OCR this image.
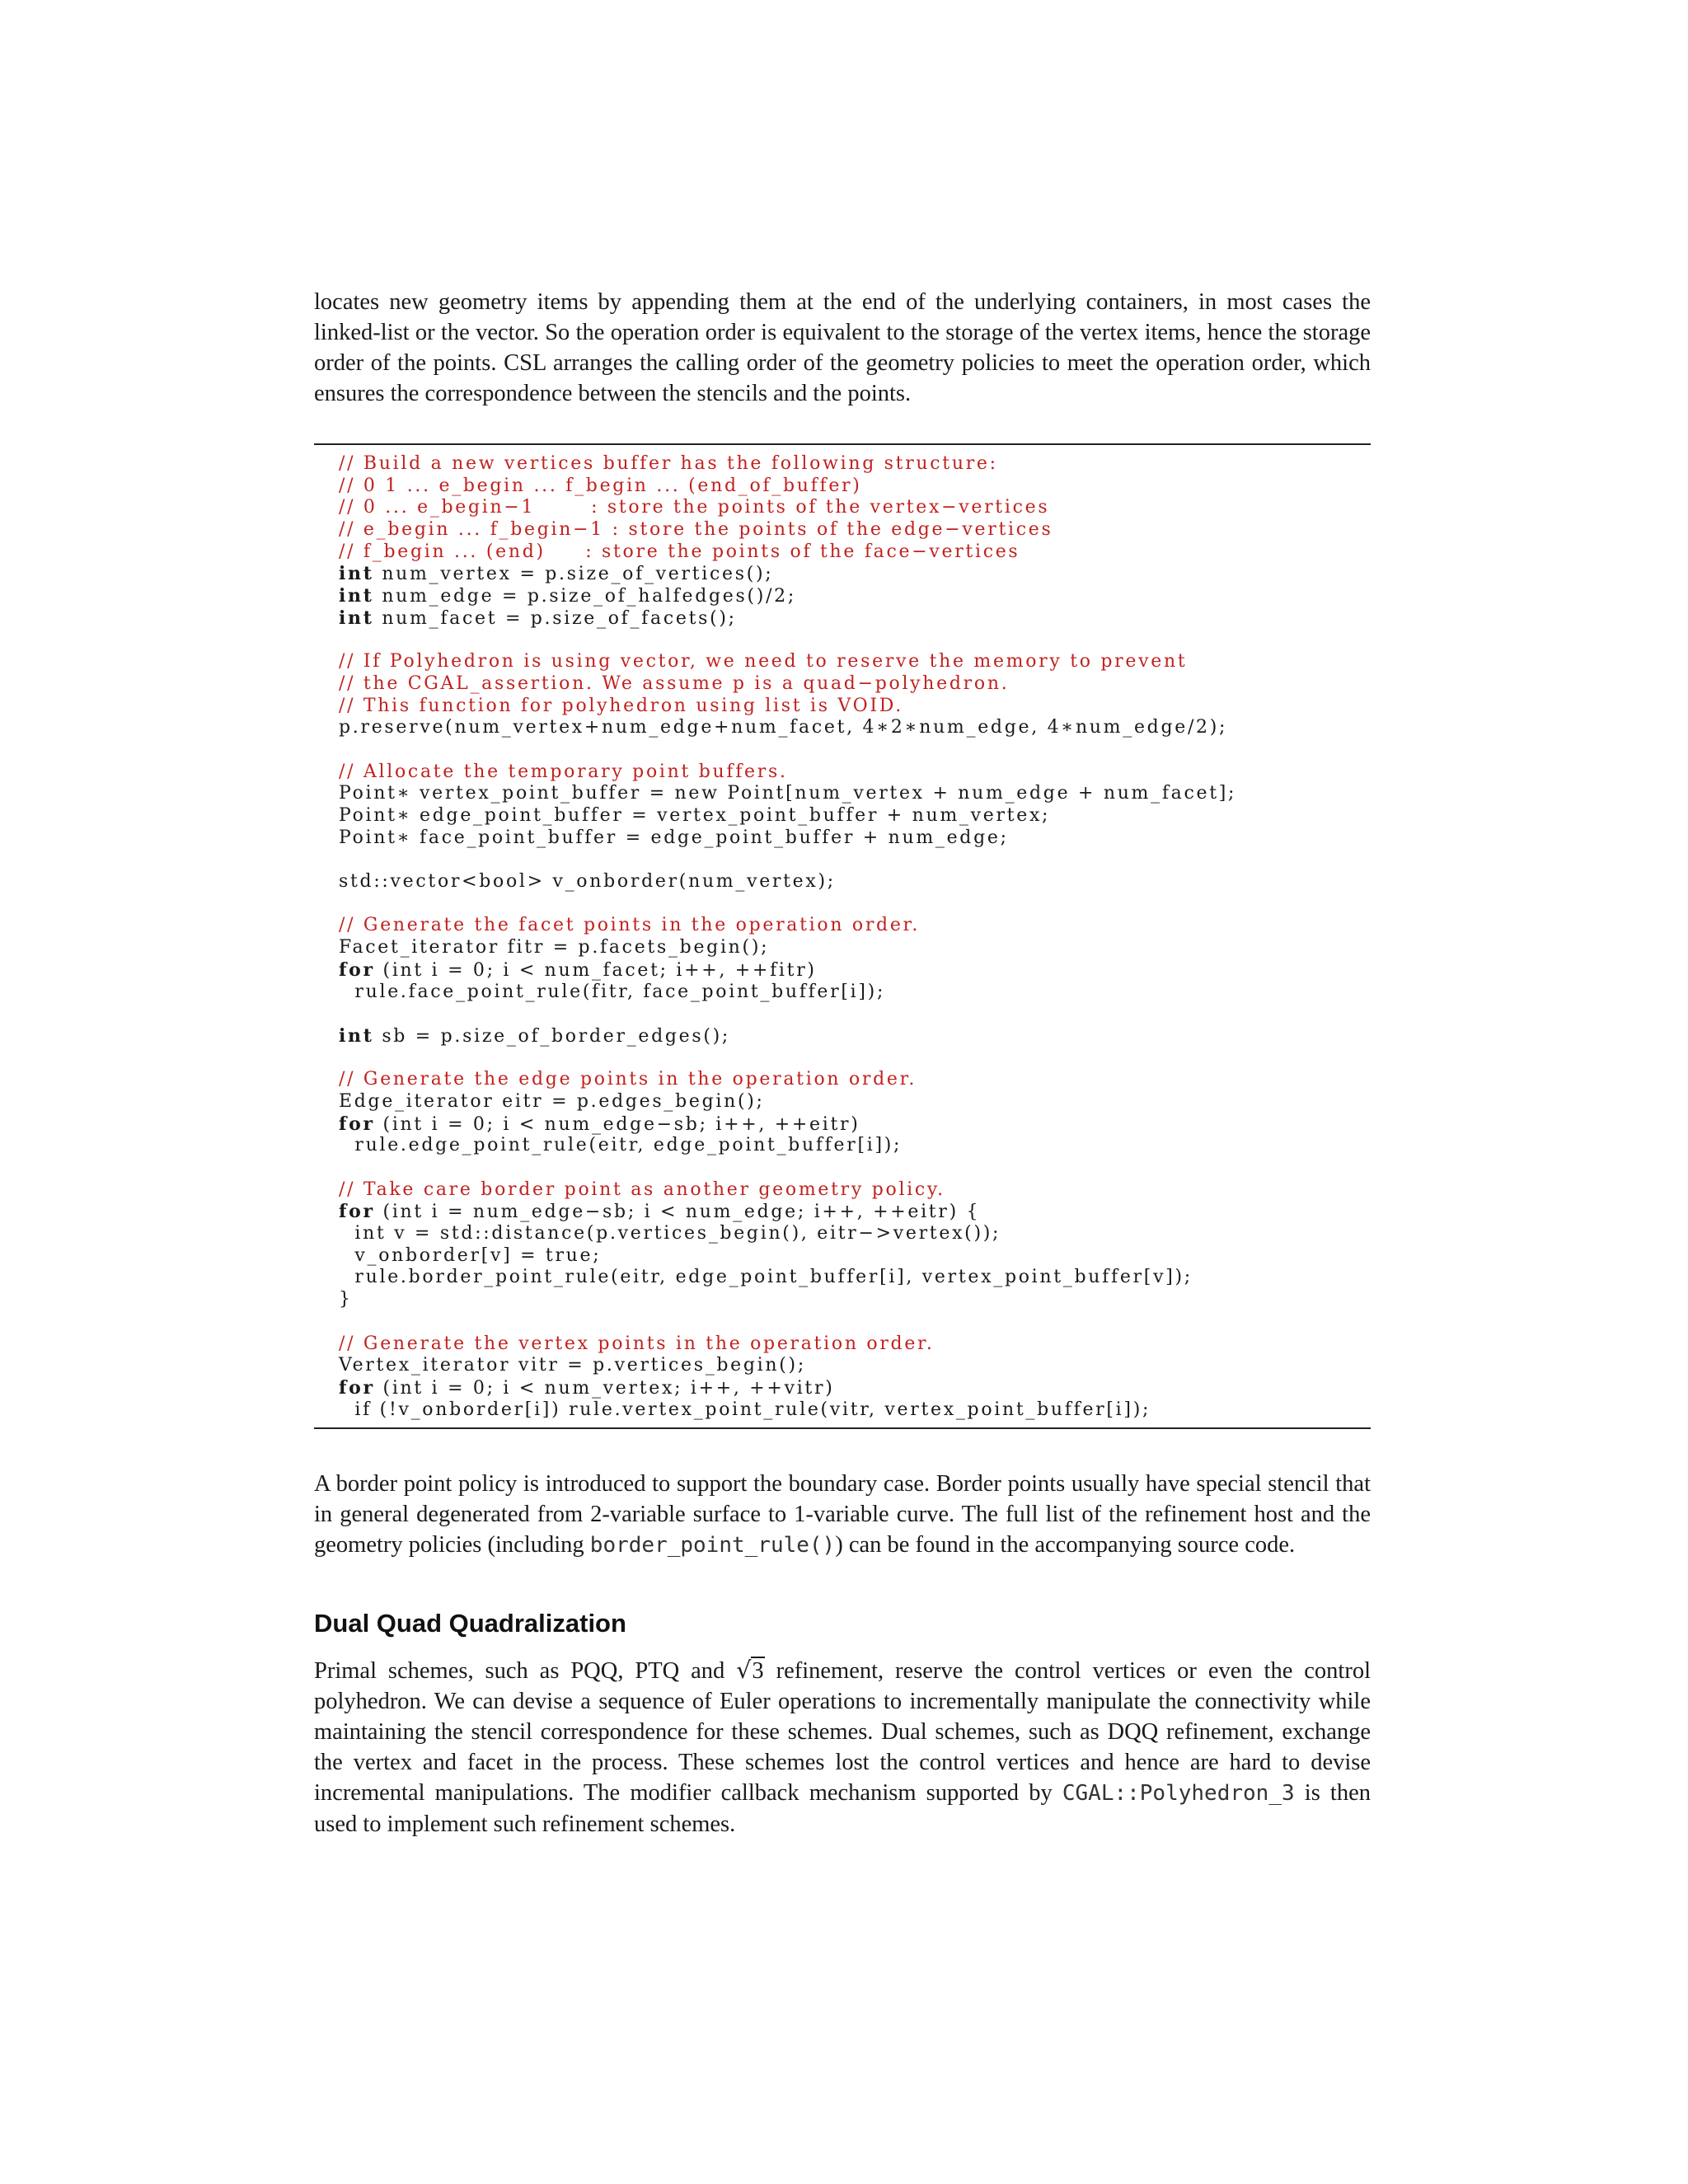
locates new geometry items by appending them at the end of the underlying containers, in most cases the linked-list or the vector. So the operation order is equivalent to the storage of the vertex items, hence the storage order of the points. CSL arranges the calling order of the geometry policies to meet the operation order, which ensures the correspondence between the stencils and the points.

// Build a new vertices buffer has the following structure:
// 0 1 ... e_begin ... f_begin ... (end_of_buffer)
// 0 ... e_begin−1       : store the points of the vertex−vertices
// e_begin ... f_begin−1 : store the points of the edge−vertices
// f_begin ... (end)     : store the points of the face−vertices
int num_vertex = p.size_of_vertices();
int num_edge = p.size_of_halfedges()/2;
int num_facet = p.size_of_facets();
// If Polyhedron is using vector, we need to reserve the memory to prevent
// the CGAL_assertion. We assume p is a quad−polyhedron.
// This function for polyhedron using list is VOID.
p.reserve(num_vertex+num_edge+num_facet, 4∗2∗num_edge, 4∗num_edge/2);
// Allocate the temporary point buffers.
Point∗ vertex_point_buffer = new Point[num_vertex + num_edge + num_facet];
Point∗ edge_point_buffer = vertex_point_buffer + num_vertex;
Point∗ face_point_buffer = edge_point_buffer + num_edge;
std::vector<bool> v_onborder(num_vertex);
// Generate the facet points in the operation order.
Facet_iterator fitr = p.facets_begin();
for (int i = 0; i < num_facet; i++, ++fitr)
rule.face_point_rule(fitr, face_point_buffer[i]);
int sb = p.size_of_border_edges();
// Generate the edge points in the operation order.
Edge_iterator eitr = p.edges_begin();
for (int i = 0; i < num_edge−sb; i++, ++eitr)
rule.edge_point_rule(eitr, edge_point_buffer[i]);
// Take care border point as another geometry policy.
for (int i = num_edge−sb; i < num_edge; i++, ++eitr) {
int v = std::distance(p.vertices_begin(), eitr−>vertex());
v_onborder[v] = true;
rule.border_point_rule(eitr, edge_point_buffer[i], vertex_point_buffer[v]);
}
// Generate the vertex points in the operation order.
Vertex_iterator vitr = p.vertices_begin();
for (int i = 0; i < num_vertex; i++, ++vitr)
if (!v_onborder[i]) rule.vertex_point_rule(vitr, vertex_point_buffer[i]);

A border point policy is introduced to support the boundary case. Border points usually have special stencil that in general degenerated from 2-variable surface to 1-variable curve. The full list of the refinement host and the geometry policies (including border_point_rule()) can be found in the accompanying source code.

Dual Quad Quadralization

Primal schemes, such as PQQ, PTQ and √3 refinement, reserve the control vertices or even the control polyhedron. We can devise a sequence of Euler operations to incrementally manipulate the connectivity while maintaining the stencil correspondence for these schemes. Dual schemes, such as DQQ refinement, exchange the vertex and facet in the process. These schemes lost the control vertices and hence are hard to devise incremental manipulations. The modifier callback mechanism supported by CGAL::Polyhedron_3 is then used to implement such refinement schemes.
